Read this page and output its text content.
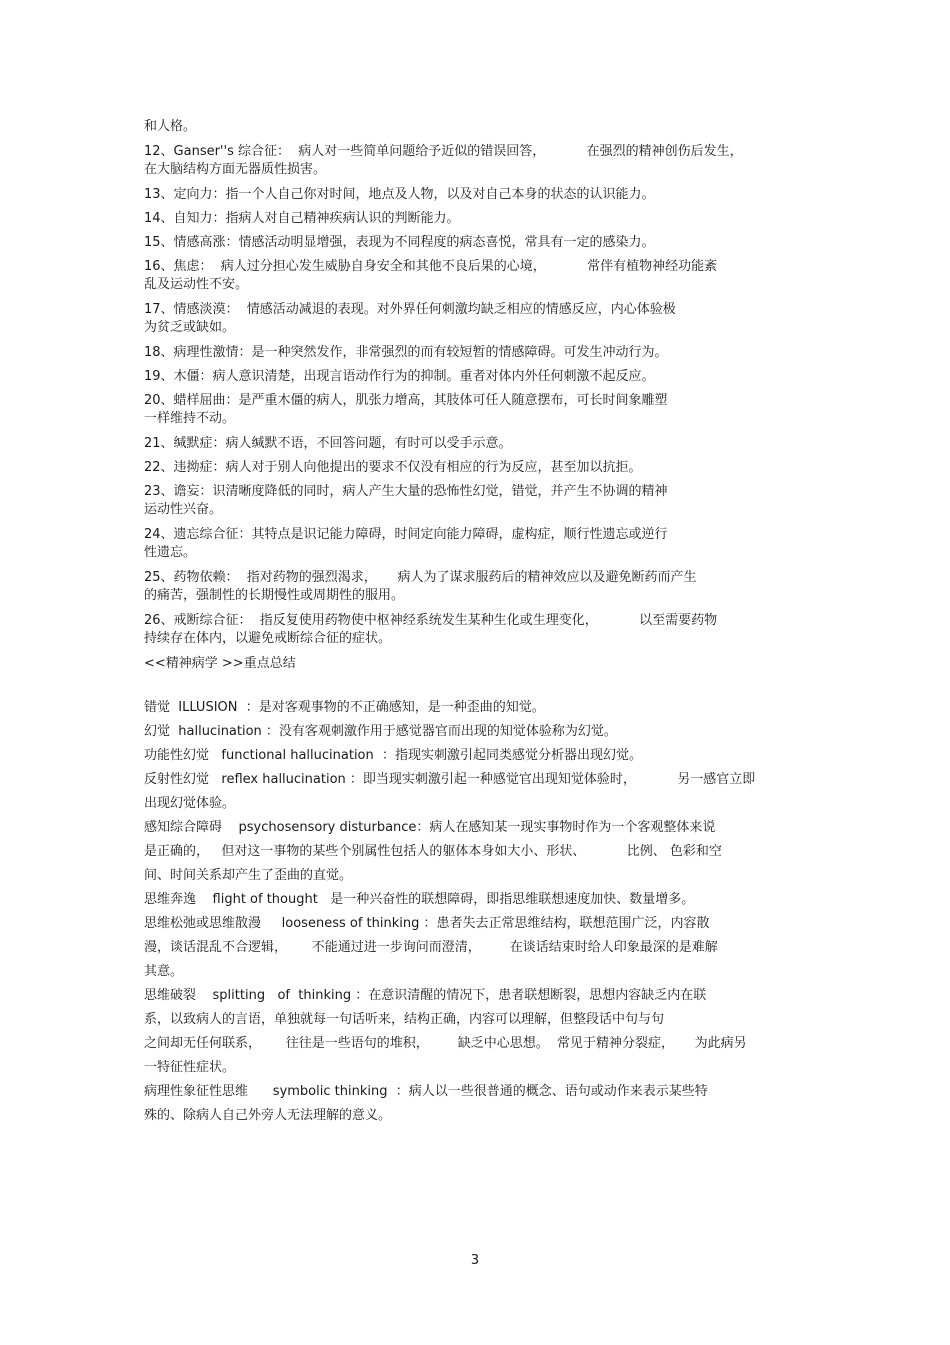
和人格。
12、Ganser''s 综合征：  病人对一些简单问题给予近似的错误回答，          在强烈的精神创伤后发生，
在大脑结构方面无器质性损害。
13、定向力：指一个人自己你对时间，地点及人物，以及对自己本身的状态的认识能力。
14、自知力：指病人对自己精神疾病认识的判断能力。
15、情感高涨：情感活动明显增强，表现为不同程度的病态喜悦，常具有一定的感染力。
16、焦虑：  病人过分担心发生威胁自身安全和其他不良后果的心境，          常伴有植物神经功能紊
乱及运动性不安。
17、情感淡漠：  情感活动减退的表现。对外界任何刺激均缺乏相应的情感反应，内心体验极
为贫乏或缺如。
18、病理性激情：是一种突然发作，非常强烈的而有较短暂的情感障碍。可发生冲动行为。
19、木僵：病人意识清楚，出现言语动作行为的抑制。重者对体内外任何刺激不起反应。
20、蜡样屈曲：是严重木僵的病人，肌张力增高，其肢体可任人随意摆布，可长时间象雕塑
一样维持不动。
21、缄默症：病人缄默不语，不回答问题，有时可以受手示意。
22、违拗症：病人对于别人向他提出的要求不仅没有相应的行为反应，甚至加以抗拒。
23、谵妄：识清晰度降低的同时，病人产生大量的恐怖性幻觉，错觉，并产生不协调的精神
运动性兴奋。
24、遗忘综合征：其特点是识记能力障碍，时间定向能力障碍，虚构症，顺行性遗忘或逆行
性遗忘。
25、药物依赖：  指对药物的强烈渴求，     病人为了谋求服药后的精神效应以及避免断药而产生
的痛苦，强制性的长期慢性或周期性的服用。
26、戒断综合征：  指反复使用药物使中枢神经系统发生某种生化或生理变化，          以至需要药物
持续存在体内，以避免戒断综合征的症状。
<<精神病学 >>重点总结
错觉  ILLUSION  ：是对客观事物的不正确感知，是一种歪曲的知觉。
幻觉  hallucination ：没有客观刺激作用于感觉器官而出现的知觉体验称为幻觉。
功能性幻觉   functional hallucination  ：指现实刺激引起同类感觉分析器出现幻觉。
反射性幻觉   reflex hallucination ：即当现实刺激引起一种感觉官出现知觉体验时，          另一感官立即
出现幻觉体验。
感知综合障碍    psychosensory disturbance：病人在感知某一现实事物时作为一个客观整体来说
是正确的，   但对这一事物的某些个别属性包括人的躯体本身如大小、形状、          比例、 色彩和空
间、时间关系却产生了歪曲的直觉。
思维奔逸    flight of thought   是一种兴奋性的联想障碍，即指思维联想速度加快、数量增多。
思维松弛或思维散漫     looseness of thinking ：患者失去正常思维结构，联想范围广泛，内容散
漫，谈话混乱不合逻辑，      不能通过进一步询问而澄清，       在谈话结束时给人印象最深的是难解
其意。
思维破裂    splitting   of  thinking ：在意识清醒的情况下，患者联想断裂，思想内容缺乏内在联
系，以致病人的言语，单独就每一句话听来，结构正确，内容可以理解，但整段话中句与句
之间却无任何联系，      往往是一些语句的堆积，       缺乏中心思想。  常见于精神分裂症，     为此病另
一特征性症状。
病理性象征性思维      symbolic thinking  ：病人以一些很普通的概念、语句或动作来表示某些特
殊的、除病人自己外旁人无法理解的意义。
3
